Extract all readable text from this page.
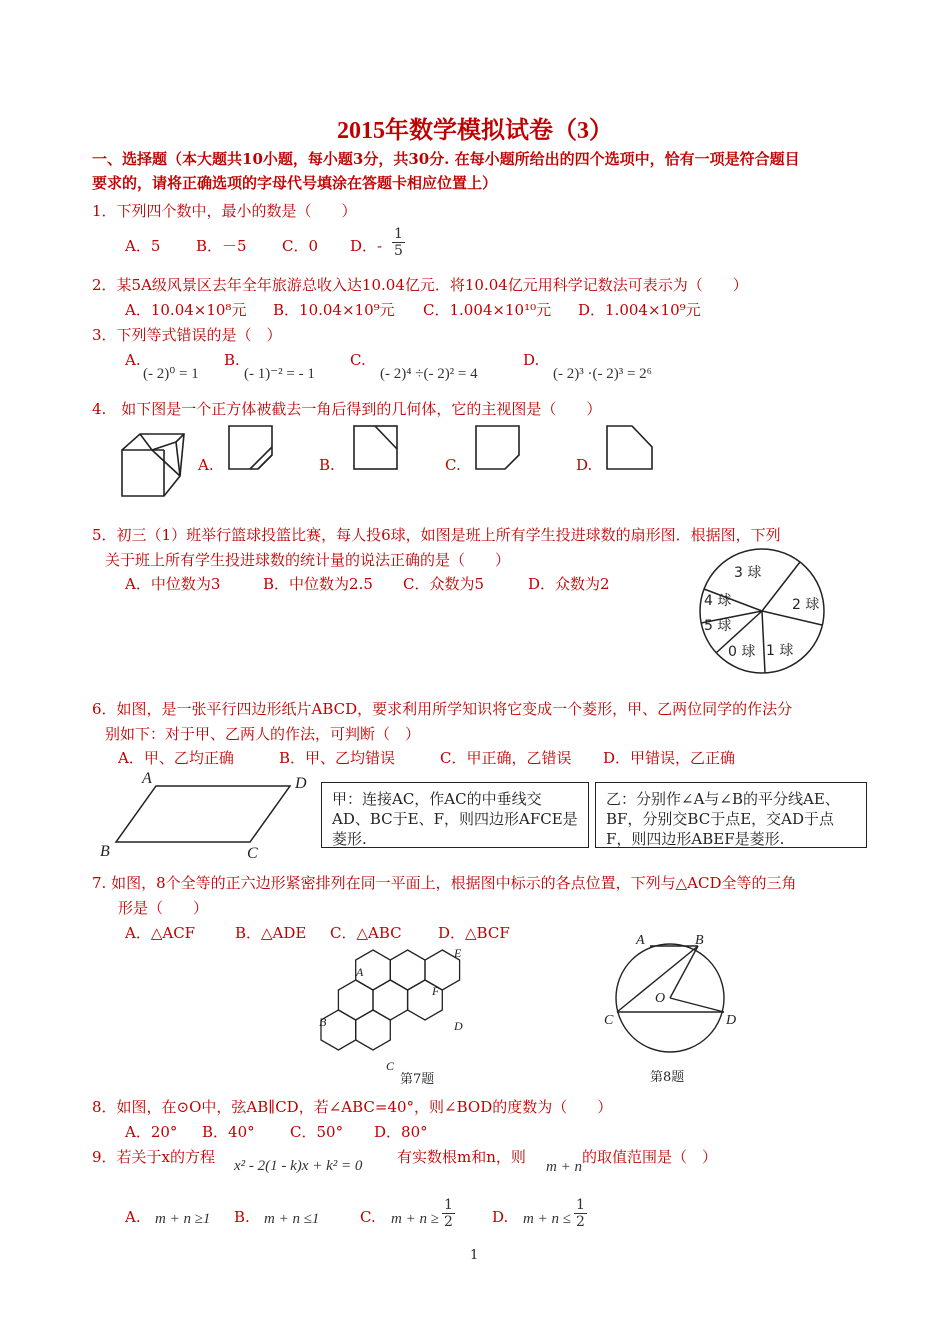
2015年数学模拟试卷（3）
一、选择题（本大题共10小题，每小题3分，共30分. 在每小题所给出的四个选项中，恰有一项是符合题目
要求的，请将正确选项的字母代号填涂在答题卡相应位置上）
1．下列四个数中，最小的数是（　　）
A．5 B．－5 C．0 D．- $\frac{1}{5}$
2．某5A级风景区去年全年旅游总收入达10.04亿元．将10.04亿元用科学记数法可表示为（　　）
A．10.04×10⁸元 B．10.04×10⁹元 C．1.004×10¹⁰元 D．1.004×10⁹元
3．下列等式错误的是（　）
A.
(- 2)⁰ = 1
B.
(- 1)⁻² = - 1
C.
(- 2)⁴ ÷(- 2)² = 4
D.
(- 2)³ ·(- 2)³ = 2⁶
4.　如下图是一个正方体被截去一角后得到的几何体，它的主视图是（　　）
A.	B.	C.	D.
5．初三（1）班举行篮球投篮比赛，每人投6球，如图是班上所有学生投进球数的扇形图．根据图，下列
关于班上所有学生投进球数的统计量的说法正确的是（　　）
A．中位数为3	B．中位数为2.5 C．众数为5	D．众数为2
3 球
2 球
4 球
5 球
0 球 1 球
6．如图，是一张平行四边形纸片ABCD，要求利用所学知识将它变成一个菱形，甲、乙两位同学的作法分
别如下：对于甲、乙两人的作法，可判断（　）
A．甲、乙均正确	B．甲、乙均错误	C．甲正确，乙错误 D．甲错误，乙正确
A	D
B	C
甲：连接AC，作AC的中垂线交AD、BC于E、F，则四边形AFCE是菱形.
乙：分别作∠A与∠B的平分线AE、BF，分别交BC于点E，交AD于点F，则四边形ABEF是菱形.
7. 如图，8个全等的正六边形紧密排列在同一平面上，根据图中标示的各点位置，下列与△ACD全等的三角
形是（　　）
A．△ACF	B．△ADE C．△ABC D．△BCF
A
B
C
D
E
F
第7题
A	B
O
C	D
第8题
8．如图，在⊙O中，弦AB∥CD，若∠ABC=40°，则∠BOD的度数为（　　）
A．20° B．40° C．50° D．80°
9．若关于x的方程 x² - 2(1 - k)x + k² = 0 有实数根m和n，则
m + n
的取值范围是（　）
A. m + n ≥1 B. m + n ≤1	C. $m + n \ge \frac{1}{2} D$. $m + n \le \frac{1}{2}$
1
